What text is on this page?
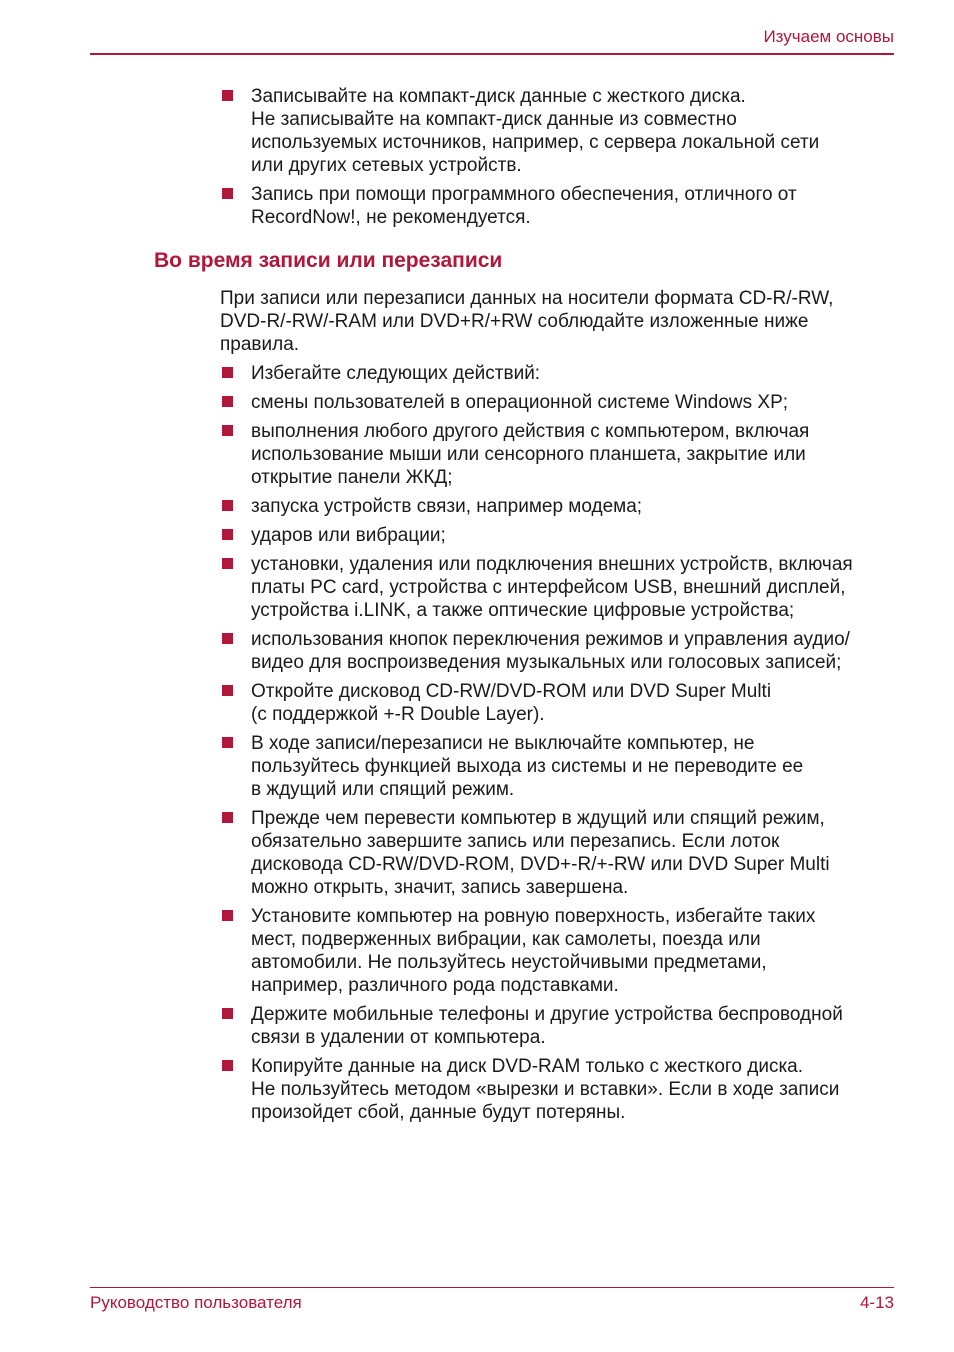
Изучаем основы
Записывайте на компакт-диск данные с жесткого диска.
Не записывайте на компакт-диск данные из совместно
используемых источников, например, с сервера локальной сети
или других сетевых устройств.
Запись при помощи программного обеспечения, отличного от
RecordNow!, не рекомендуется.
Во время записи или перезаписи
При записи или перезаписи данных на носители формата CD-R/-RW,
DVD-R/-RW/-RAM или DVD+R/+RW соблюдайте изложенные ниже
правила.
Избегайте следующих действий:
смены пользователей в операционной системе Windows XP;
выполнения любого другого действия с компьютером, включая
использование мыши или сенсорного планшета, закрытие или
открытие панели ЖКД;
запуска устройств связи, например модема;
ударов или вибрации;
установки, удаления или подключения внешних устройств, включая
платы PC card, устройства с интерфейсом USB, внешний дисплей,
устройства i.LINK, а также оптические цифровые устройства;
использования кнопок переключения режимов и управления аудио/
видео для воспроизведения музыкальных или голосовых записей;
Откройте дисковод CD-RW/DVD-ROM или DVD Super Multi
(с поддержкой +-R Double Layer).
В ходе записи/перезаписи не выключайте компьютер, не
пользуйтесь функцией выхода из системы и не переводите ее
в ждущий или спящий режим.
Прежде чем перевести компьютер в ждущий или спящий режим,
обязательно завершите запись или перезапись. Если лоток
дисковода CD-RW/DVD-ROM, DVD+-R/+-RW или DVD Super Multi
можно открыть, значит, запись завершена.
Установите компьютер на ровную поверхность, избегайте таких
мест, подверженных вибрации, как самолеты, поезда или
автомобили. Не пользуйтесь неустойчивыми предметами,
например, различного рода подставками.
Держите мобильные телефоны и другие устройства беспроводной
связи в удалении от компьютера.
Копируйте данные на диск DVD-RAM только с жесткого диска.
Не пользуйтесь методом «вырезки и вставки». Если в ходе записи
произойдет сбой, данные будут потеряны.
Руководство пользователя	4-13
